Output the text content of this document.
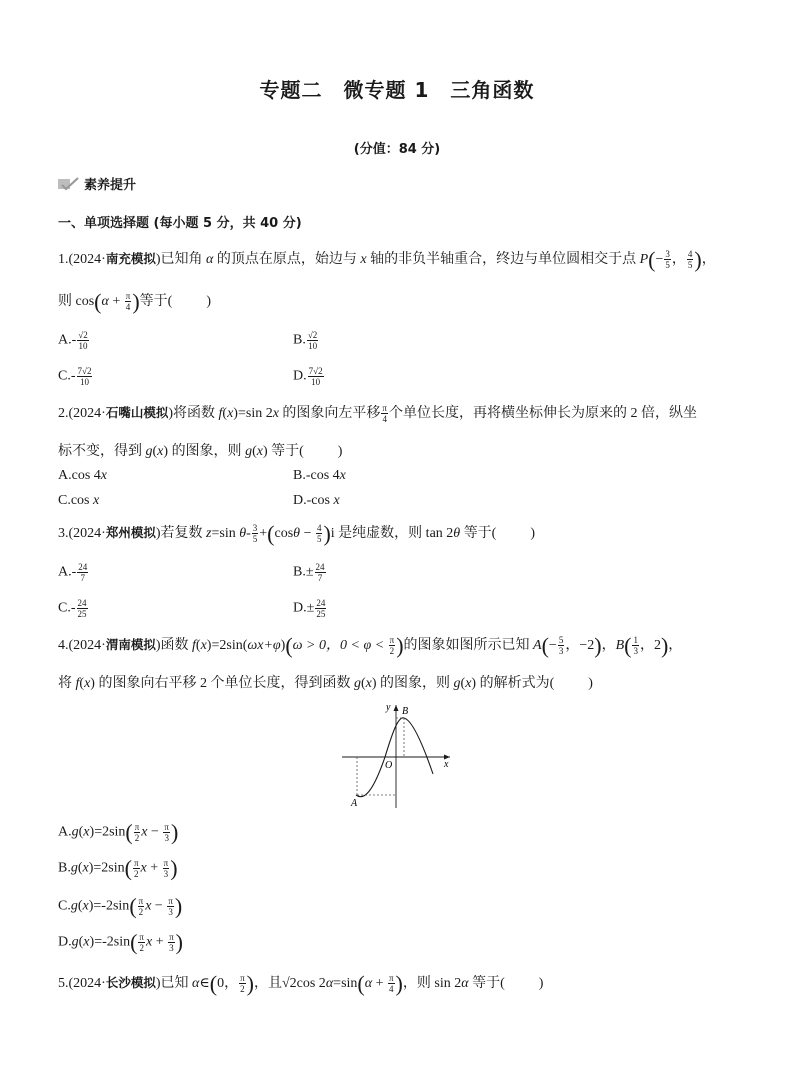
专题二　微专题 1　三角函数
(分值：84 分)
素养提升
一、单项选择题 (每小题 5 分，共 40 分)
1.(2024·南充模拟)已知角 α 的顶点在原点，始边与 x 轴的非负半轴重合，终边与单位圆相交于点 $P(- \frac{3}{5}$ ， $\frac{4}{5}$ )，
则 $\cos(\alpha + \frac{\pi}{4}$ )等于( )
$A.- \frac{√2}{10}$	B. $\frac{√2}{10}$
$C.- \frac{7√2}{10}$	D. $\frac{7√2}{10}$
2.(2024·石嘴山模拟)将函数 f(x)=sin 2x 的图象向左平移 $\frac{\pi}{4}$ 个单位长度，再将横坐标伸长为原来的 2 倍，纵坐
标不变，得到 g(x) 的图象，则 g(x) 等于( )
A.cos 4x	B.-cos 4x
C.cos x	D.-cos x
3.(2024·郑州模拟)若复数 z=sin $\theta- \frac{3}{5} +(\cos\theta - \frac{4}{5} )i$ 是纯虚数，则 tan 2θ 等于( )
$A.- \frac{24}{7}$	$B.\pm \frac{24}{7}$
$C.- \frac{24}{25}$	$D.\pm \frac{24}{25}$
4.(2024·渭南模拟)函数 f(x)=2sin(ωx+φ)(ω > 0，$0 < \varphi < \frac{\pi}{2}$ )的图象如图所示已知 $A(- \frac{5}{3}$ ，−2)，$B( \frac{1}{3}$ ，2)，
将 f(x) 的图象向右平移 2 个单位长度，得到函数 g(x) 的图象，则 g(x) 的解析式为( )
y
x
O
A
B
$A.g(x)=2\sin( \frac{\pi}{2}$ $x - \frac{\pi}{3}$ )
$B.g(x)=2\sin( \frac{\pi}{2}$ $x + \frac{\pi}{3}$ )
$C.g(x)=-2\sin( \frac{\pi}{2}$ $x - \frac{\pi}{3}$ )
$D.g(x)=-2\sin( \frac{\pi}{2}$ $x + \frac{\pi}{3}$ )
5.(2024·长沙模拟)已知 α∈(0， $\frac{\pi}{2}$ )，且√2cos $2\alpha=\sin(\alpha + \frac{\pi}{4}$ )，则 sin 2α 等于( )
